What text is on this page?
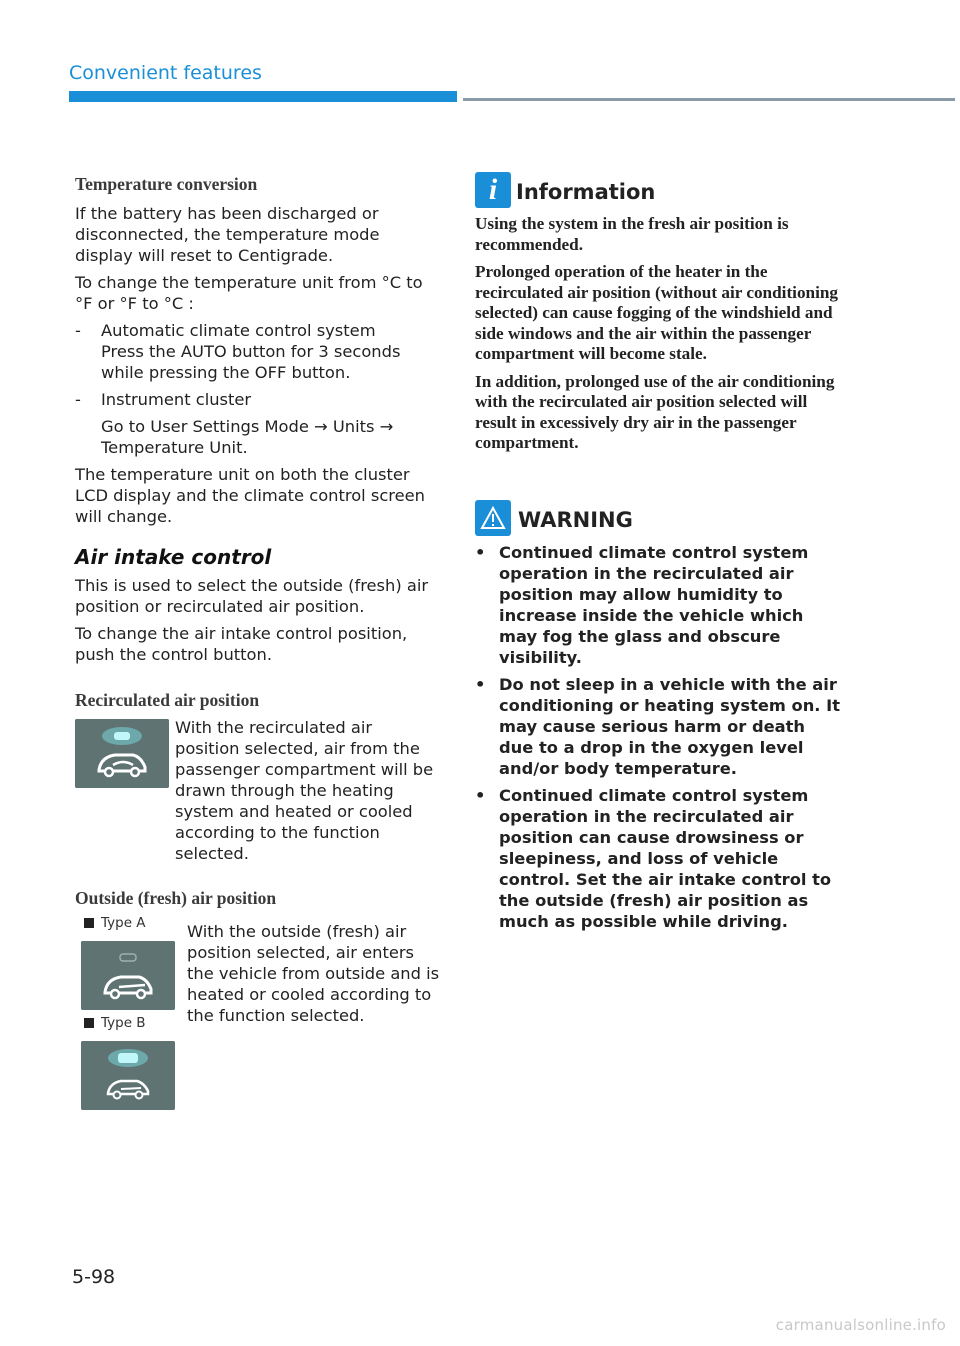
Convenient features
Temperature conversion
If the battery has been discharged or disconnected, the temperature mode display will reset to Centigrade.
To change the temperature unit from °C to °F or °F to °C :
-	Automatic climate control system
Press the AUTO button for 3 seconds while pressing the OFF button.
-	Instrument cluster
Go to User Settings Mode → Units → Temperature Unit.
The temperature unit on both the cluster LCD display and the climate control screen will change.
Air intake control
This is used to select the outside (fresh) air position or recirculated air position.
To change the air intake control position, push the control button.
Recirculated air position
With the recirculated air position selected, air from the passenger compartment will be drawn through the heating system and heated or cooled according to the function selected.
Outside (fresh) air position
Type A
Type B
With the outside (fresh) air position selected, air enters the vehicle from outside and is heated or cooled according to the function selected.
i Information
Using the system in the fresh air position is recommended.
Prolonged operation of the heater in the recirculated air position (without air conditioning selected) can cause fogging of the windshield and side windows and the air within the passenger compartment will become stale.
In addition, prolonged use of the air conditioning with the recirculated air position selected will result in excessively dry air in the passenger compartment.
WARNING
• Continued climate control system operation in the recirculated air position may allow humidity to increase inside the vehicle which may fog the glass and obscure visibility.
• Do not sleep in a vehicle with the air conditioning or heating system on. It may cause serious harm or death due to a drop in the oxygen level and/or body temperature.
• Continued climate control system operation in the recirculated air position can cause drowsiness or sleepiness, and loss of vehicle control. Set the air intake control to the outside (fresh) air position as much as possible while driving.
5-98
carmanualsonline.info
